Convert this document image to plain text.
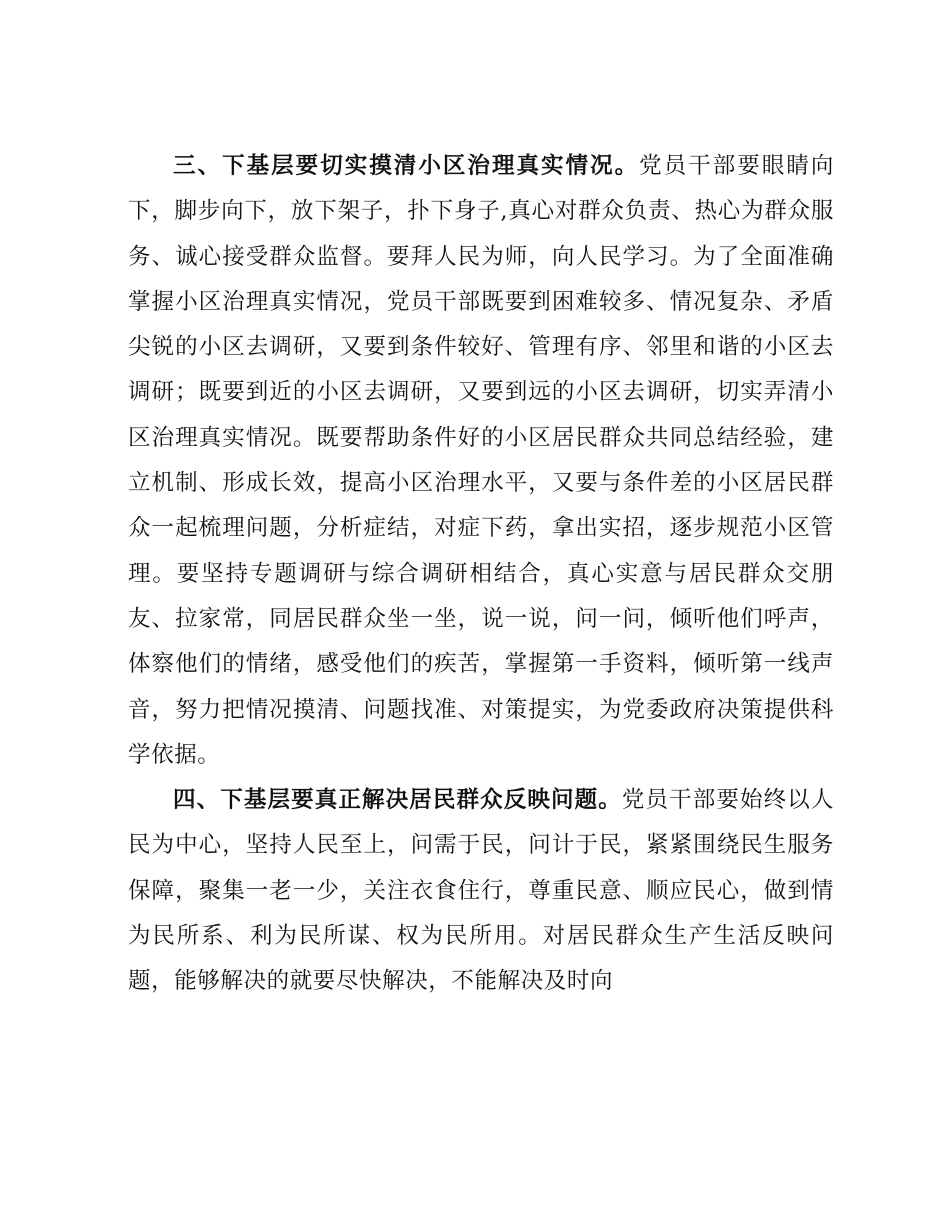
三、下基层要切实摸清小区治理真实情况。党员干部要眼睛向下，脚步向下，放下架子，扑下身子,真心对群众负责、热心为群众服务、诚心接受群众监督。要拜人民为师，向人民学习。为了全面准确掌握小区治理真实情况，党员干部既要到困难较多、情况复杂、矛盾尖锐的小区去调研，又要到条件较好、管理有序、邻里和谐的小区去调研；既要到近的小区去调研，又要到远的小区去调研，切实弄清小区治理真实情况。既要帮助条件好的小区居民群众共同总结经验，建立机制、形成长效，提高小区治理水平，又要与条件差的小区居民群众一起梳理问题，分析症结，对症下药，拿出实招，逐步规范小区管理。要坚持专题调研与综合调研相结合，真心实意与居民群众交朋友、拉家常，同居民群众坐一坐，说一说，问一问，倾听他们呼声，体察他们的情绪，感受他们的疾苦，掌握第一手资料，倾听第一线声音，努力把情况摸清、问题找准、对策提实，为党委政府决策提供科学依据。

四、下基层要真正解决居民群众反映问题。党员干部要始终以人民为中心，坚持人民至上，问需于民，问计于民，紧紧围绕民生服务保障，聚集一老一少，关注衣食住行，尊重民意、顺应民心，做到情为民所系、利为民所谋、权为民所用。对居民群众生产生活反映问题，能够解决的就要尽快解决，不能解决及时向
